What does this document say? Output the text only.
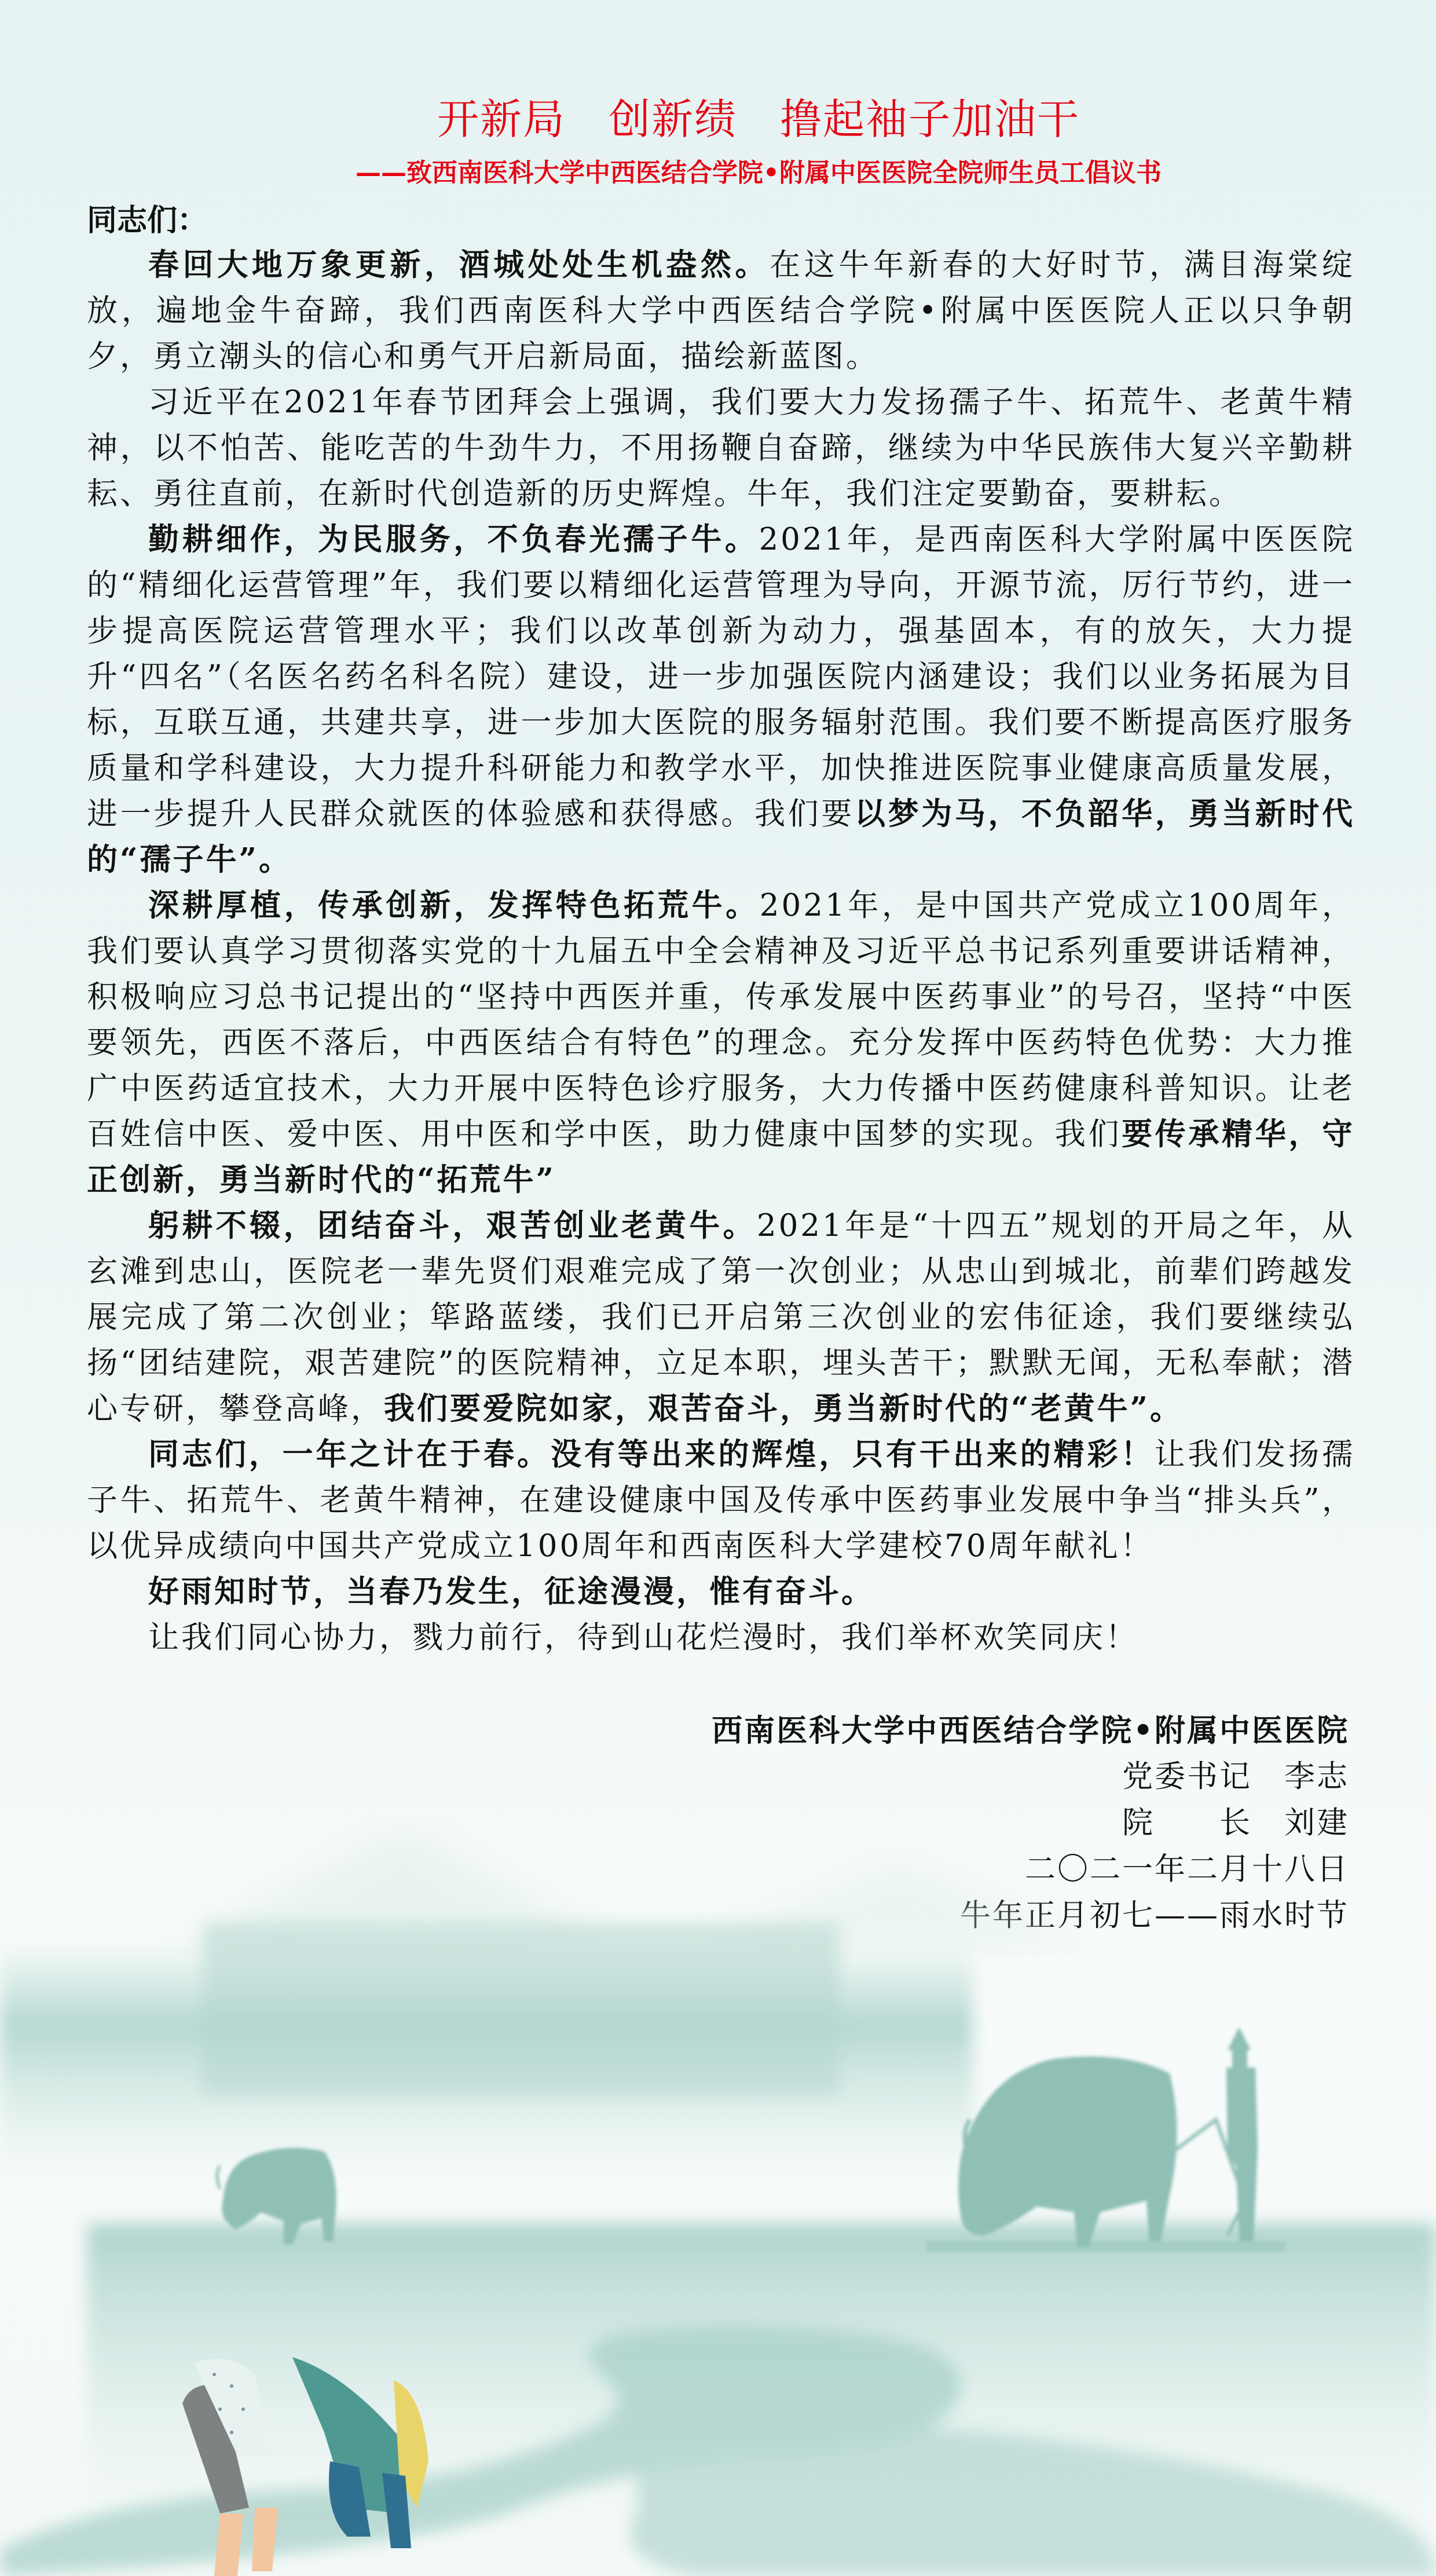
开新局　创新绩　撸起袖子加油干
——致西南医科大学中西医结合学院•附属中医医院全院师生员工倡议书
同志们：

春回大地万象更新，酒城处处生机盎然。在这牛年新春的大好时节，满目海棠绽放，遍地金牛奋蹄，我们西南医科大学中西医结合学院•附属中医医院人正以只争朝夕，勇立潮头的信心和勇气开启新局面，描绘新蓝图。

习近平在2021年春节团拜会上强调，我们要大力发扬孺子牛、拓荒牛、老黄牛精神，以不怕苦、能吃苦的牛劲牛力，不用扬鞭自奋蹄，继续为中华民族伟大复兴辛勤耕耘、勇往直前，在新时代创造新的历史辉煌。牛年，我们注定要勤奋，要耕耘。

勤耕细作，为民服务，不负春光孺子牛。2021年，是西南医科大学附属中医医院的“精细化运营管理”年，我们要以精细化运营管理为导向，开源节流，厉行节约，进一步提高医院运营管理水平；我们以改革创新为动力，强基固本，有的放矢，大力提升“四名”（名医名药名科名院）建设，进一步加强医院内涵建设；我们以业务拓展为目标，互联互通，共建共享，进一步加大医院的服务辐射范围。我们要不断提高医疗服务质量和学科建设，大力提升科研能力和教学水平，加快推进医院事业健康高质量发展，进一步提升人民群众就医的体验感和获得感。我们要以梦为马，不负韶华，勇当新时代的“孺子牛”。

深耕厚植，传承创新，发挥特色拓荒牛。2021年，是中国共产党成立100周年，我们要认真学习贯彻落实党的十九届五中全会精神及习近平总书记系列重要讲话精神，积极响应习总书记提出的“坚持中西医并重，传承发展中医药事业”的号召，坚持“中医要领先，西医不落后，中西医结合有特色”的理念。充分发挥中医药特色优势：大力推广中医药适宜技术，大力开展中医特色诊疗服务，大力传播中医药健康科普知识。让老百姓信中医、爱中医、用中医和学中医，助力健康中国梦的实现。我们要传承精华，守正创新，勇当新时代的“拓荒牛”

躬耕不辍，团结奋斗，艰苦创业老黄牛。2021年是“十四五”规划的开局之年，从玄滩到忠山，医院老一辈先贤们艰难完成了第一次创业；从忠山到城北，前辈们跨越发展完成了第二次创业；筚路蓝缕，我们已开启第三次创业的宏伟征途，我们要继续弘扬“团结建院，艰苦建院”的医院精神，立足本职，埋头苦干；默默无闻，无私奉献；潜心专研，攀登高峰，我们要爱院如家，艰苦奋斗，勇当新时代的“老黄牛”。

同志们，一年之计在于春。没有等出来的辉煌，只有干出来的精彩！让我们发扬孺子牛、拓荒牛、老黄牛精神，在建设健康中国及传承中医药事业发展中争当“排头兵”，以优异成绩向中国共产党成立100周年和西南医科大学建校70周年献礼！

好雨知时节，当春乃发生，征途漫漫，惟有奋斗。

让我们同心协力，戮力前行，待到山花烂漫时，我们举杯欢笑同庆！

西南医科大学中西医结合学院•附属中医医院
党委书记　李志
院　　长　刘建
二〇二一年二月十八日
牛年正月初七——雨水时节
